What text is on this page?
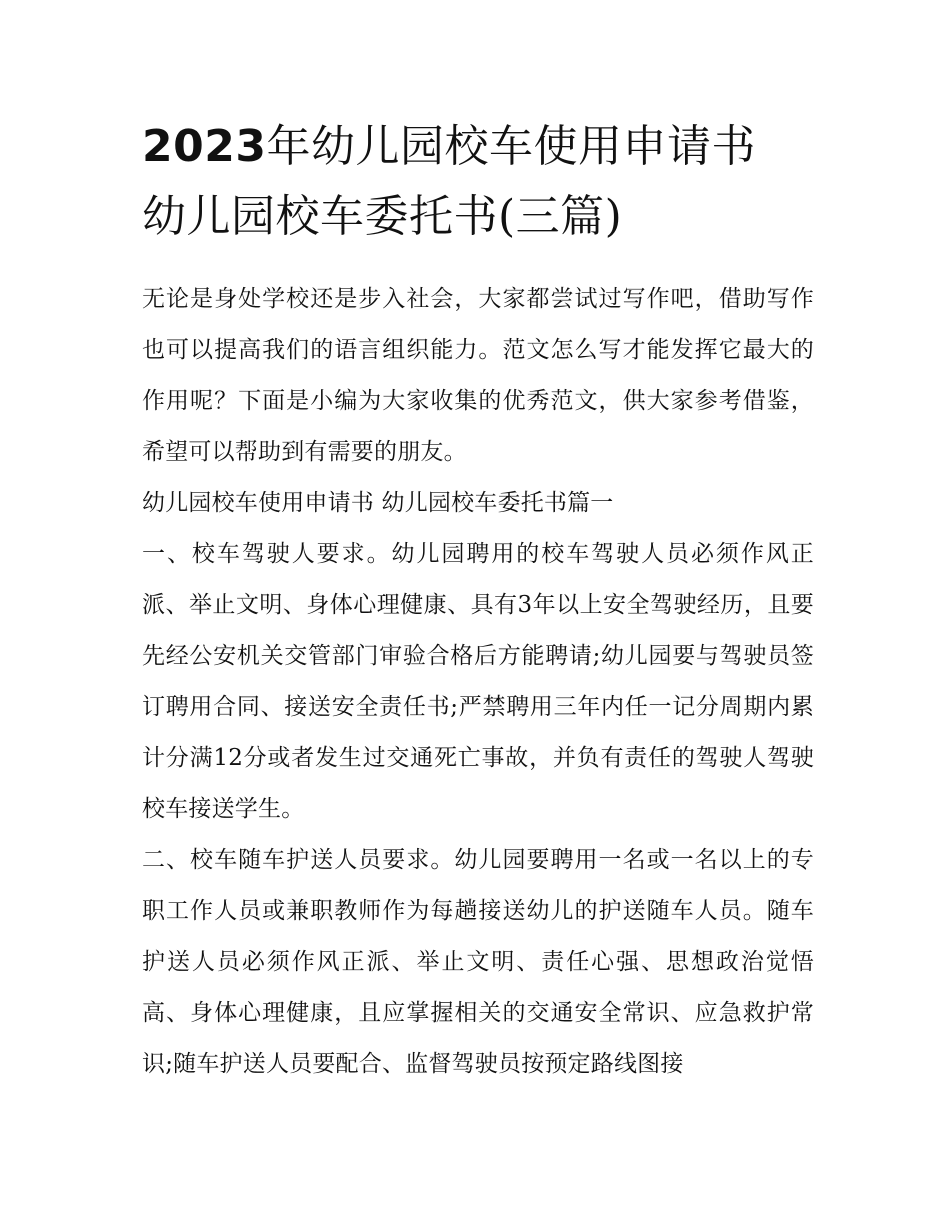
2023年幼儿园校车使用申请书
幼儿园校车委托书(三篇)

无论是身处学校还是步入社会，大家都尝试过写作吧，借助写作也可以提高我们的语言组织能力。范文怎么写才能发挥它最大的作用呢？下面是小编为大家收集的优秀范文，供大家参考借鉴，希望可以帮助到有需要的朋友。

幼儿园校车使用申请书 幼儿园校车委托书篇一

一、校车驾驶人要求。幼儿园聘用的校车驾驶人员必须作风正派、举止文明、身体心理健康、具有3年以上安全驾驶经历，且要先经公安机关交管部门审验合格后方能聘请;幼儿园要与驾驶员签订聘用合同、接送安全责任书;严禁聘用三年内任一记分周期内累计分满12分或者发生过交通死亡事故，并负有责任的驾驶人驾驶校车接送学生。

二、校车随车护送人员要求。幼儿园要聘用一名或一名以上的专职工作人员或兼职教师作为每趟接送幼儿的护送随车人员。随车护送人员必须作风正派、举止文明、责任心强、思想政治觉悟高、身体心理健康，且应掌握相关的交通安全常识、应急救护常识;随车护送人员要配合、监督驾驶员按预定路线图接
